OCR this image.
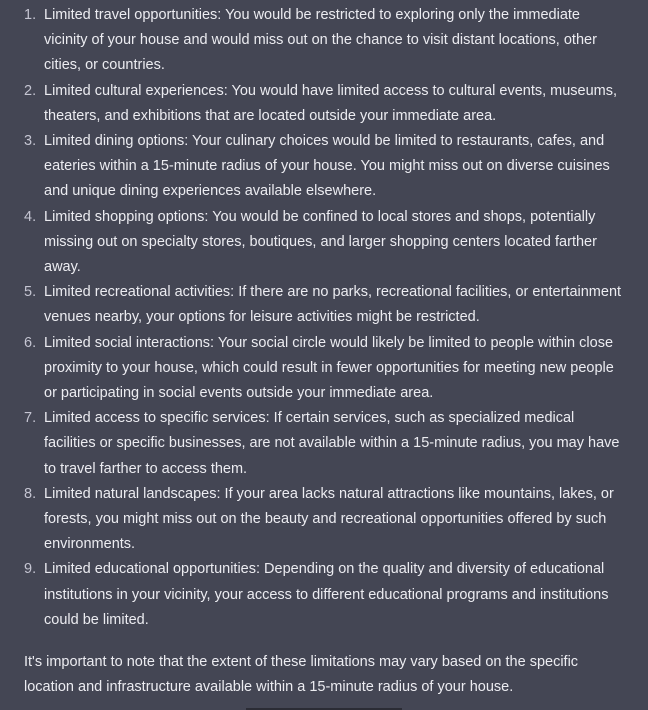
1. Limited travel opportunities: You would be restricted to exploring only the immediate vicinity of your house and would miss out on the chance to visit distant locations, other cities, or countries.
2. Limited cultural experiences: You would have limited access to cultural events, museums, theaters, and exhibitions that are located outside your immediate area.
3. Limited dining options: Your culinary choices would be limited to restaurants, cafes, and eateries within a 15-minute radius of your house. You might miss out on diverse cuisines and unique dining experiences available elsewhere.
4. Limited shopping options: You would be confined to local stores and shops, potentially missing out on specialty stores, boutiques, and larger shopping centers located farther away.
5. Limited recreational activities: If there are no parks, recreational facilities, or entertainment venues nearby, your options for leisure activities might be restricted.
6. Limited social interactions: Your social circle would likely be limited to people within close proximity to your house, which could result in fewer opportunities for meeting new people or participating in social events outside your immediate area.
7. Limited access to specific services: If certain services, such as specialized medical facilities or specific businesses, are not available within a 15-minute radius, you may have to travel farther to access them.
8. Limited natural landscapes: If your area lacks natural attractions like mountains, lakes, or forests, you might miss out on the beauty and recreational opportunities offered by such environments.
9. Limited educational opportunities: Depending on the quality and diversity of educational institutions in your vicinity, your access to different educational programs and institutions could be limited.

It's important to note that the extent of these limitations may vary based on the specific location and infrastructure available within a 15-minute radius of your house.
